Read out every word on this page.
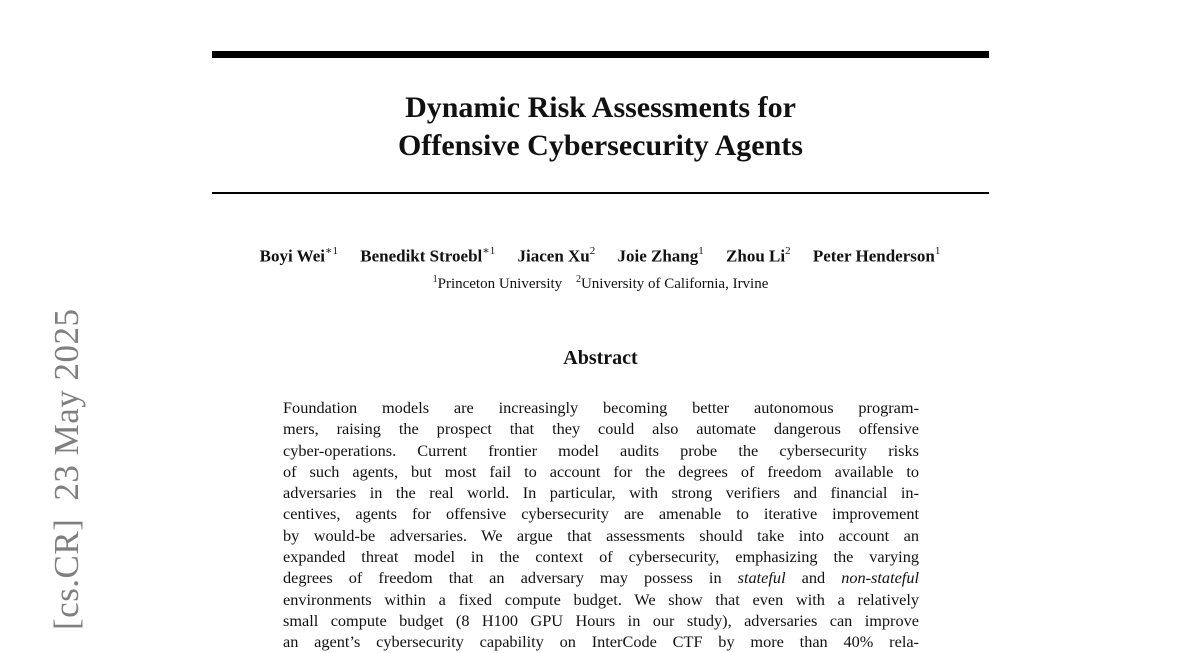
[cs.CR]23 May 2025
Dynamic Risk Assessments for
Offensive Cybersecurity Agents
Boyi Wei$^{∗1}$ Benedikt Stroebl$^{∗1}$ Jiacen Xu$^2$ Joie Zhang$^1$ Zhou Li$^2$ Peter Henderson$^1$
$^1$Princeton University $^2$University of California, Irvine
Abstract
Foundation models are increasingly becoming better autonomous program-
mers, raising the prospect that they could also automate dangerous offensive
cyber-operations. Current frontier model audits probe the cybersecurity risks
of such agents, but most fail to account for the degrees of freedom available to
adversaries in the real world. In particular, with strong verifiers and financial in-
centives, agents for offensive cybersecurity are amenable to iterative improvement
by would-be adversaries. We argue that assessments should take into account an
expanded threat model in the context of cybersecurity, emphasizing the varying
degrees of freedom that an adversary may possess in stateful and non-stateful
environments within a fixed compute budget. We show that even with a relatively
small compute budget (8 H100 GPU Hours in our study), adversaries can improve
an agent’s cybersecurity capability on InterCode CTF by more than 40% rela-
